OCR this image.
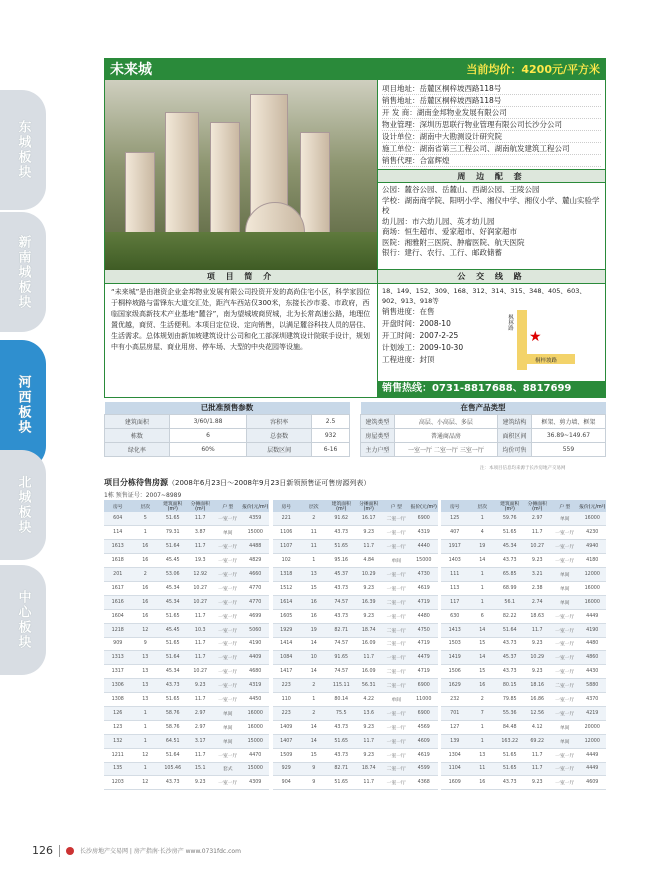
东城板块
新南城板块
河西板块
北城板块
中心板块
未来城	当前均价：4200元/平方米
项目地址：岳麓区桐梓坡西路118号
销售地址：岳麓区桐梓坡西路118号
开 发 商：湖南金邦物业发展有限公司
物业管理：深圳历思联行物业管理有限公司长沙分公司
设计单位：湖南中大勘测设计研究院
施工单位：湖南省第三工程公司、湖南航发建筑工程公司
销售代理：合富辉煌
周 边 配 套
公园：麓谷公园、岳麓山、西湖公园、王陵公园
学校：湖南商学院、阳明小学、湘仪中学、湘仪小学、麓山实验学校
幼儿园：市六幼儿园、英才幼儿园
商场：恒生超市、爱家超市、好润家超市
医院：湘雅附三医院、肿瘤医院、航天医院
银行：建行、农行、工行、邮政储蓄
项 目 简 介
“未来城”是由港资企业金邦物业发展有限公司投资开发的高尚住宅小区，科学家园位于桐梓坡路与雷锋东大道交汇处，距汽车西站仅300米，东接长沙市委、市政府，西临国家级高新技术产业基地“麓谷”，南为望城坡商贸城，北为长常高速公路，地理位置优越，商贸、生活便利。本项目定位设、定向销售，以满足麓谷科技人员的居住、生活需求。总体规划由新加坡建筑设计公司和化工部深圳建筑设计院联手设计，规划中有小高层房屋、商业用房、停车场、大型的中央花园等设施。
公 交 线 路
18、149、152、309、168、312、314、315、348、405、603、902、913、918等
销售进度：在售
开盘时间：2008-10
开工时间：2007-2-25
计划竣工：2009-10-30
工程进度：封顶
★
枫林路
桐梓坡路
销售热线：0731-8817688、8817699
已批准预售参数			
建筑面积	3/60/1.88	容积率	2.5
栋数	6	总套数	932
绿化率	60%	层数区间	6-16
在售产品类型			
建筑类型	高层、小高层、多层	建筑结构	框架、剪力墙、框架
房屋类型	普通商品房	面积区间	36.89~149.67
主力户型	一室一厅 二室一厅 三室一厅	均价可售	559
注：本项目信息均来源于长沙房地产交易网
项目分栋待售房源（2008年6月23日～2008年9月23日新领预售证可售房源列表）
1栋 预售证号：2007~8989
房号	层次	建筑面积(m²)	分摊面积(m²)	户 型	报价(元/m²)
604	5	51.65	11.7	一室一厅	4359
114	1	79.31	3.87	单间	15000
1613	16	51.64	11.7	一室一厅	4488
1618	16	45.45	19.3	一室一厅	4829
201	2	53.06	12.92	一室一厅	4660
1617	16	45.34	10.27	一室一厅	4770
1616	16	45.34	10.27	一室一厅	4770
1604	16	51.65	11.7	一室一厅	4699
1218	12	45.45	10.3	一室一厅	5060
909	9	51.65	11.7	一室一厅	4190
1313	13	51.64	11.7	一室一厅	4409
1317	13	45.34	10.27	一室一厅	4680
1306	13	43.73	9.23	一室一厅	4319
1308	13	51.65	11.7	一室一厅	4450
126	1	58.76	2.97	单间	16000
123	1	58.76	2.97	单间	16000
132	1	64.51	3.17	单间	15000
1211	12	51.64	11.7	一室一厅	4470
135	1	105.46	15.1	套式	15000
1203	12	43.73	9.23	一室一厅	4309
房号	层次	建筑面积(m²)	分摊面积(m²)	户 型	报价(元/m²)
221	2	91.62	16.17	二室一厅	6900
1106	11	43.73	9.23	一室一厅	4319
1107	11	51.65	11.7	一室一厅	4440
102	1	95.16	4.84	单间	15000
1318	13	45.37	10.29	一室一厅	4730
1512	15	43.73	9.23	一室一厅	4619
1614	16	74.57	16.39	二室一厅	4719
1605	16	43.73	9.23	一室一厅	4480
1929	19	82.71	18.74	二室一厅	4750
1414	14	74.57	16.09	二室一厅	4719
1084	10	91.65	11.7	一室一厅	4479
1417	14	74.57	16.09	二室一厅	4719
223	2	115.11	56.31	二室一厅	6900
110	1	80.14	4.22	单间	11000
223	2	75.5	13.6	一室一厅	6900
1409	14	43.73	9.23	一室一厅	4569
1407	14	51.65	11.7	一室一厅	4609
1509	15	43.73	9.23	一室一厅	4619
929	9	82.71	18.74	二室一厅	4599
904	9	51.65	11.7	一室一厅	4368
房号	层次	建筑面积(m²)	分摊面积(m²)	户 型	报价(元/m²)
125	1	59.76	2.97	单间	16000
407	4	51.65	11.7	一室一厅	4230
1917	19	45.34	10.27	一室一厅	4940
1403	14	43.73	9.23	一室一厅	4180
111	1	65.85	3.21	单间	12000
113	1	68.99	2.38	单间	16000
117	1	56.1	2.74	单间	16000
630	6	82.22	18.63	一室一厅	4449
1413	14	51.64	11.7	一室一厅	4190
1503	15	43.73	9.23	一室一厅	4480
1419	14	45.37	10.29	一室一厅	4860
1506	15	43.73	9.23	一室一厅	4430
1629	16	80.15	18.16	二室一厅	5880
232	2	79.85	16.86	一室一厅	4370
701	7	55.36	12.56	一室一厅	4219
127	1	84.48	4.12	单间	20000
139	1	163.22	69.22	单间	12000
1304	13	51.65	11.7	一室一厅	4449
1104	11	51.65	11.7	一室一厅	4449
1609	16	43.73	9.23	一室一厅	4609
126	长沙房地产交易网 | 房产指南·长沙房产 www.0731fdc.com
